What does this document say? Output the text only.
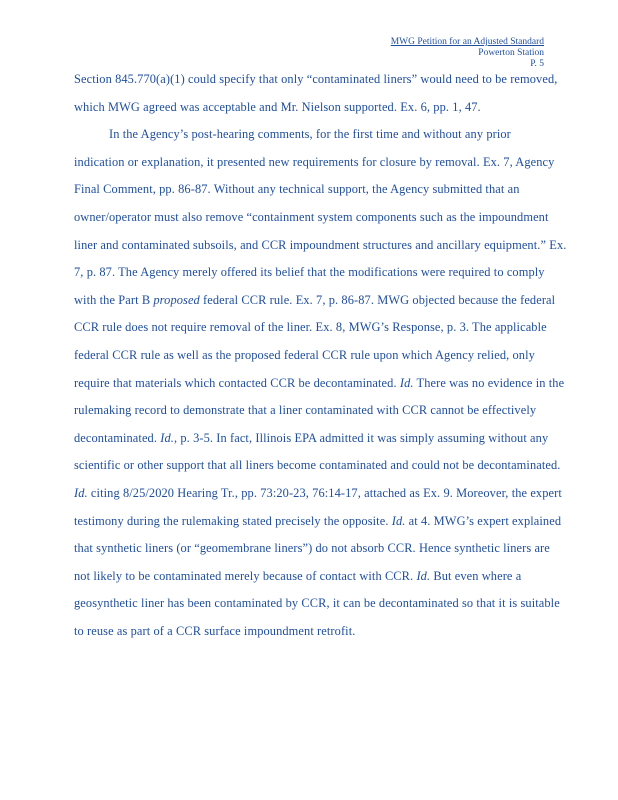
MWG Petition for an Adjusted Standard
Powerton Station
P. 5
Section 845.770(a)(1) could specify that only “contaminated liners” would need to be removed,
which MWG agreed was acceptable and Mr. Nielson supported. Ex. 6, pp. 1, 47.
In the Agency’s post-hearing comments, for the first time and without any prior
indication or explanation, it presented new requirements for closure by removal. Ex. 7, Agency
Final Comment, pp. 86-87. Without any technical support, the Agency submitted that an
owner/operator must also remove “containment system components such as the impoundment
liner and contaminated subsoils, and CCR impoundment structures and ancillary equipment.” Ex.
7, p. 87. The Agency merely offered its belief that the modifications were required to comply
with the Part B proposed federal CCR rule. Ex. 7, p. 86-87. MWG objected because the federal
CCR rule does not require removal of the liner. Ex. 8, MWG’s Response, p. 3. The applicable
federal CCR rule as well as the proposed federal CCR rule upon which Agency relied, only
require that materials which contacted CCR be decontaminated. Id. There was no evidence in the
rulemaking record to demonstrate that a liner contaminated with CCR cannot be effectively
decontaminated. Id., p. 3-5. In fact, Illinois EPA admitted it was simply assuming without any
scientific or other support that all liners become contaminated and could not be decontaminated.
Id. citing 8/25/2020 Hearing Tr., pp. 73:20-23, 76:14-17, attached as Ex. 9. Moreover, the expert
testimony during the rulemaking stated precisely the opposite. Id. at 4. MWG’s expert explained
that synthetic liners (or “geomembrane liners”) do not absorb CCR. Hence synthetic liners are
not likely to be contaminated merely because of contact with CCR. Id. But even where a
geosynthetic liner has been contaminated by CCR, it can be decontaminated so that it is suitable
to reuse as part of a CCR surface impoundment retrofit.
